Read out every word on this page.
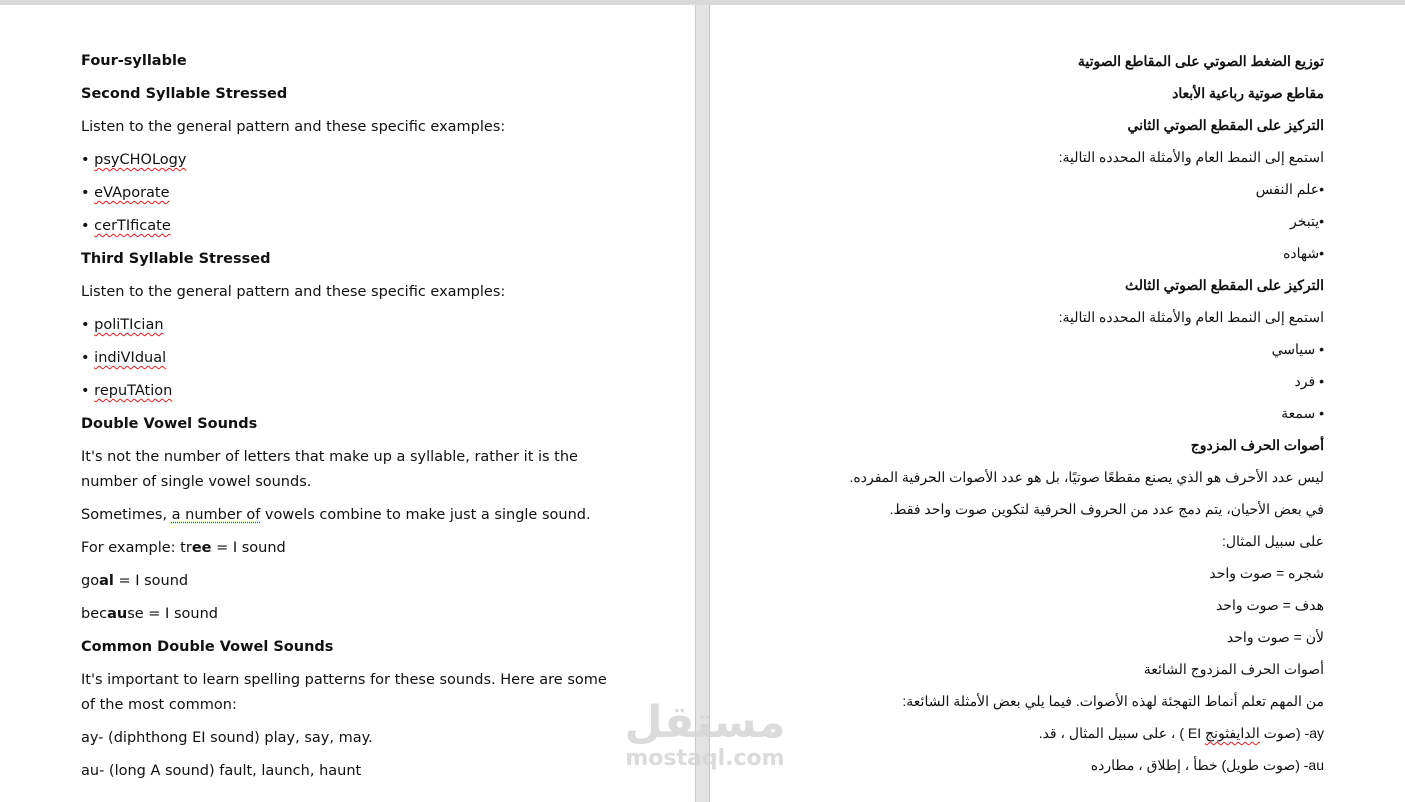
Four-syllable

Second Syllable Stressed

Listen to the general pattern and these specific examples:

• psyCHOLogy

• eVAporate

• cerTIficate

Third Syllable Stressed

Listen to the general pattern and these specific examples:

• poliTIcian

• indiVIdual

• repuTAtion

Double Vowel Sounds

It's not the number of letters that make up a syllable, rather it is the number of single vowel sounds.

Sometimes, a number of vowels combine to make just a single sound.

For example: tree = I sound

goal = I sound

because = I sound

Common Double Vowel Sounds

It's important to learn spelling patterns for these sounds. Here are some of the most common:

ay- (diphthong EI sound) play, say, may.

au- (long A sound) fault, launch, haunt

توزيع الضغط الصوتي على المقاطع الصوتية

مقاطع صوتية رباعية الأبعاد

التركيز على المقطع الصوتي الثاني

استمع إلى النمط العام والأمثلة المحدده التالية:

•علم النفس

•يتبخر

•شهاده

التركيز على المقطع الصوتي الثالث

استمع إلى النمط العام والأمثلة المحدده التالية:

• سياسي

• فرد

• سمعة

أصوات الحرف المزدوج

ليس عدد الأحرف هو الذي يصنع مقطعًا صوتيًا، بل هو عدد الأصوات الحرفية المفرده.

في بعض الأحيان، يتم دمج عدد من الحروف الحرفية لتكوين صوت واحد فقط.

على سبيل المثال:

شجره = صوت واحد

هدف = صوت واحد

لأن = صوت واحد

أصوات الحرف المزدوج الشائعة

من المهم تعلم أنماط التهجئة لهذه الأصوات. فيما يلي بعض الأمثلة الشائعة:

ay- (صوت الدايفثونج EI ) ، على سبيل المثال ، قد.

au- (صوت طويل) خطأ ، إطلاق ، مطارده

مستقل
mostaql.com
